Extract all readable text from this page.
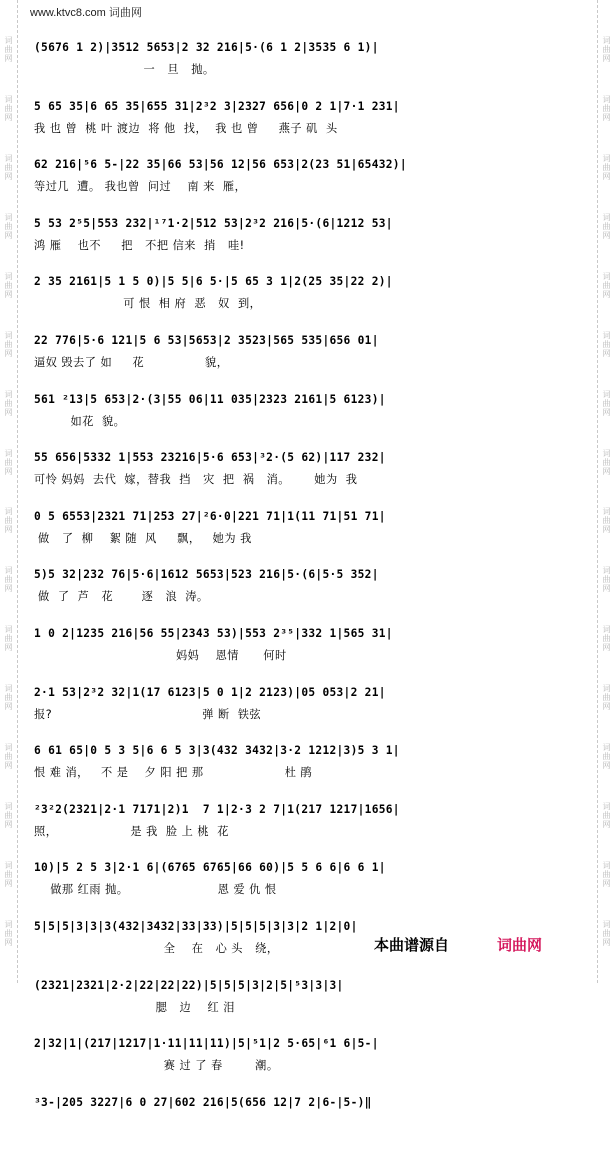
词曲网
词曲网
词曲网
词曲网
词曲网
词曲网
词曲网
词曲网
词曲网
词曲网
词曲网
词曲网
词曲网
词曲网
词曲网
词曲网
词曲网
词曲网
词曲网
词曲网
词曲网
词曲网
词曲网
词曲网
词曲网
词曲网
词曲网
词曲网
词曲网
词曲网
词曲网
词曲网
www.ktvc8.com 词曲网
(5676 1 2)|3512 5653|2 32 216|5·(6 1 2|3535 6 1)|
一   旦   抛。
5 65 35|6 65 35|655 31|2³2 3|2327 656|0 2 1|7·1 231|
我 也 曾  桃 叶 渡边  将 他  找，  我 也 曾     燕子 矶  头
62 216|⁵6 5-|22 35|66 53|56 12|56 653|2(23 51|65432)|
等过几  遭。 我也曾  问过    南 来  雁，
5 53 2⁵5|553 232|¹⁷1·2|512 53|2³2 216|5·(6|1212 53|
鸿 雁    也不     把   不把 信来  捎   哇!
2 35 2161|5 1 5 0)|5 5|6 5·|5 65 3 1|2(25 35|22 2)|
可 恨  相 府  恶   奴  到，
22 776|5·6 121|5 6 53|5653|2 3523|565 535|656 01|
逼奴 毁去了 如     花               貌，
561 ²13|5 653|2·(3|55 06|11 035|2323 2161|5 6123)|
如花  貌。
55 656|5332 1|553 23216|5·6 653|³2·(5 62)|117 232|
可怜 妈妈  去代  嫁，替我  挡   灾  把  祸   消。      她为  我
0 5 6553|2321 71|253 27|²6·0|221 71|1(11 71|51 71|
做   了  柳    絮 随  风     飘，   她为 我
5)5 32|232 76|5·6|1612 5653|523 216|5·(6|5·5 352|
做  了  芦   花       逐   浪  涛。
1 0 2|1235 216|56 55|2343 53)|553 2³⁵|332 1|565 31|
妈妈    恩情      何时
2·1 53|2³2 32|1(17 6123|5 0 1|2 2123)|05 053|2 21|
报?                                     弹 断  铁弦
6 61 65|0 5 3 5|6 6 5 3|3(432 3432|3·2 1212|3)5 3 1|
恨 难 消，   不 是    夕 阳 把 那                    杜 鹃
²3²2(2321|2·1 7171|2)1  7 1|2·3 2 7|1(217 1217|1656|
照，                  是 我  脸 上 桃  花
10)|5 2 5 3|2·1 6|(6765 6765|66 60)|5 5 6 6|6 6 1|
做那 红雨 抛。                      恩 爱 仇 恨
5|5|5|3|3|3(432|3432|33|33)|5|5|5|3|3|2 1|2|0|
全    在   心 头   绕，
(2321|2321|2·2|22|22|22)|5|5|5|3|2|5|⁵3|3|3|
腮   边    红 泪
2|32|1|(217|1217|1·11|11|11)|5|⁵1|2 5·65|⁶1 6|5-|
赛 过 了 春        潮。
³3-|205 3227|6 0 27|602 216|5(656 12|7 2|6-|5-)‖
本曲谱源自	词曲网
